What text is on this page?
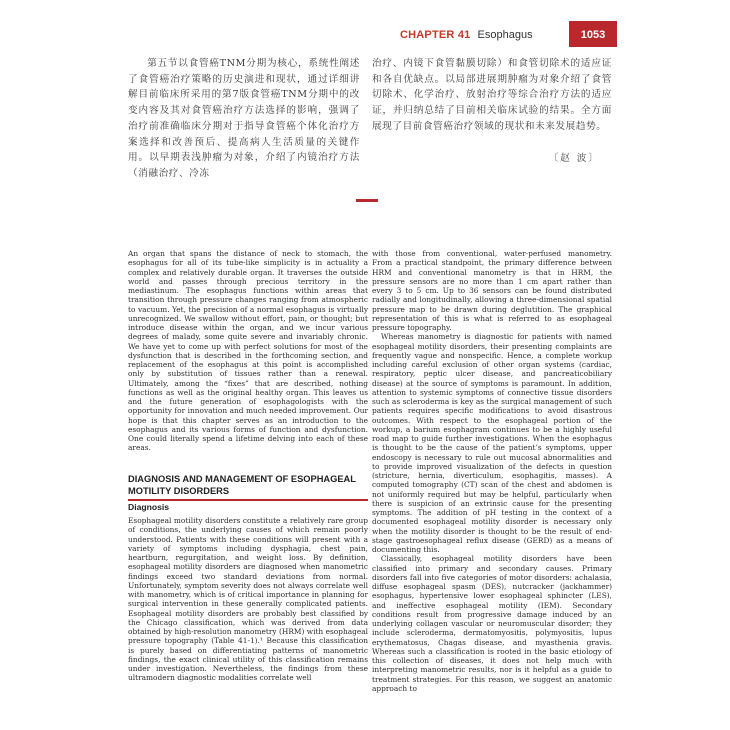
CHAPTER 41 Esophagus	1053
第五节以食管癌TNM分期为核心，系统性阐述了食管癌治疗策略的历史演进和现状，通过详细讲解目前临床所采用的第7版食管癌TNM分期中的改变内容及其对食管癌治疗方法选择的影响，强调了治疗前准确临床分期对于指导食管癌个体化治疗方案选择和改善预后、提高病人生活质量的关键作用。以早期表浅肿瘤为对象，介绍了内镜治疗方法（消融治疗、冷冻
治疗、内镜下食管黏膜切除）和食管切除术的适应证和各自优缺点。以局部进展期肿瘤为对象介绍了食管切除术、化学治疗、放射治疗等综合治疗方法的适应证，并归纳总结了目前相关临床试验的结果。全方面展现了目前食管癌治疗领域的现状和未来发展趋势。
〔赵 波〕

An organ that spans the distance of neck to stomach, the esophagus for all of its tube-like simplicity is in actuality a complex and relatively durable organ. It traverses the outside world and passes through precious territory in the mediastinum. The esophagus functions within areas that transition through pressure changes ranging from atmospheric to vacuum. Yet, the precision of a normal esophagus is virtually unrecognized. We swallow without effort, pain, or thought; but introduce disease within the organ, and we incur various degrees of malady, some quite severe and invariably chronic. We have yet to come up with perfect solutions for most of the dysfunction that is described in the forthcoming section, and replacement of the esophagus at this point is accomplished only by substitution of tissues rather than a renewal. Ultimately, among the “fixes” that are described, nothing functions as well as the original healthy organ. This leaves us and the future generation of esophagologists with the opportunity for innovation and much needed improvement. Our hope is that this chapter serves as an introduction to the esophagus and its various forms of function and dysfunction. One could literally spend a lifetime delving into each of these areas.

DIAGNOSIS AND MANAGEMENT OF ESOPHAGEAL MOTILITY DISORDERS
Diagnosis

Esophageal motility disorders constitute a relatively rare group of conditions, the underlying causes of which remain poorly understood. Patients with these conditions will present with a variety of symptoms including dysphagia, chest pain, heartburn, regurgitation, and weight loss. By definition, esophageal motility disorders are diagnosed when manometric findings exceed two standard deviations from normal. Unfortunately, symptom severity does not always correlate well with manometry, which is of critical importance in planning for surgical intervention in these generally complicated patients. Esophageal motility disorders are probably best classified by the Chicago classification, which was derived from data obtained by high-resolution manometry (HRM) with esophageal pressure topography (Table 41-1).¹ Because this classification is purely based on differentiating patterns of manometric findings, the exact clinical utility of this classification remains under investigation. Nevertheless, the findings from these ultramodern diagnostic modalities correlate well

with those from conventional, water-perfused manometry. From a practical standpoint, the primary difference between HRM and conventional manometry is that in HRM, the pressure sensors are no more than 1 cm apart rather than every 3 to 5 cm. Up to 36 sensors can be found distributed radially and longitudinally, allowing a three-dimensional spatial pressure map to be drawn during deglutition. The graphical representation of this is what is referred to as esophageal pressure topography.

Whereas manometry is diagnostic for patients with named esophageal motility disorders, their presenting complaints are frequently vague and nonspecific. Hence, a complete workup including careful exclusion of other organ systems (cardiac, respiratory, peptic ulcer disease, and pancreaticobiliary disease) at the source of symptoms is paramount. In addition, attention to systemic symptoms of connective tissue disorders such as scleroderma is key as the surgical management of such patients requires specific modifications to avoid disastrous outcomes. With respect to the esophageal portion of the workup, a barium esophagram continues to be a highly useful road map to guide further investigations. When the esophagus is thought to be the cause of the patient’s symptoms, upper endoscopy is necessary to rule out mucosal abnormalities and to provide improved visualization of the defects in question (stricture, hernia, diverticulum, esophagitis, masses). A computed tomography (CT) scan of the chest and abdomen is not uniformly required but may be helpful, particularly when there is suspicion of an extrinsic cause for the presenting symptoms. The addition of pH testing in the context of a documented esophageal motility disorder is necessary only when the motility disorder is thought to be the result of end-stage gastroesophageal reflux disease (GERD) as a means of documenting this.

Classically, esophageal motility disorders have been classified into primary and secondary causes. Primary disorders fall into five categories of motor disorders: achalasia, diffuse esophageal spasm (DES), nutcracker (jackhammer) esophagus, hypertensive lower esophageal sphincter (LES), and ineffective esophageal motility (IEM). Secondary conditions result from progressive damage induced by an underlying collagen vascular or neuromuscular disorder; they include scleroderma, dermatomyositis, polymyositis, lupus erythematosus, Chagas disease, and myasthenia gravis. Whereas such a classification is rooted in the basic etiology of this collection of diseases, it does not help much with interpreting manometric results, nor is it helpful as a guide to treatment strategies. For this reason, we suggest an anatomic approach to
